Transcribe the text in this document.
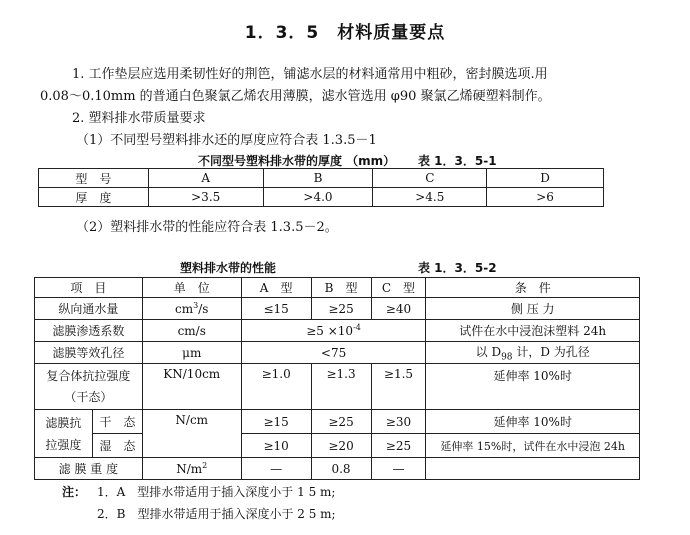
1．3．5　材料质量要点
1. 工作垫层应选用柔韧性好的荆笆，铺滤水层的材料通常用中粗砂，密封膜选项.用
0.08～0.10mm 的普通白色聚氯乙烯农用薄膜，滤水管选用 φ90 聚氯乙烯硬塑料制作。
2. 塑料排水带质量要求
（1）不同型号塑料排水还的厚度应符合表 1.3.5－1
不同型号塑料排水带的厚度 （mm） 表 1．3．5-1
型　号	A	B	C	D
厚　度	>3.5	>4.0	>4.5	>6
（2）塑料排水带的性能应符合表 1.3.5－2。
塑料排水带的性能	表 1．3．5-2
项　目		单　位	A　型	B　型	C　型	条　件
纵向通水量		$cm^3/s$	≤15	≥25	≥40	侧 压 力
滤膜渗透系数		cm/s	$\ge 5 \times 10^{-4}$			试件在水中浸泡沫塑料 24h
滤膜等效孔径		μm	<75			以 $D_{98}$ 计，D 为孔径

复合体抗拉强度
（干态）		KN/10cm	≥1.0	≥1.3	≥1.5	延伸率 10%时

滤膜抗
拉强度	干　态	N/cm	≥15	≥25	≥30	延伸率 10%时
	湿　态		≥10	≥20	≥25	延伸率 15%时，试件在水中浸泡 24h
滤 膜 重 度		$N/m^2$	—	0.8	—	
注： 1．A　型排水带适用于插入深度小于 1 5 m;
2．B　型排水带适用于插入深度小于 2 5 m;
